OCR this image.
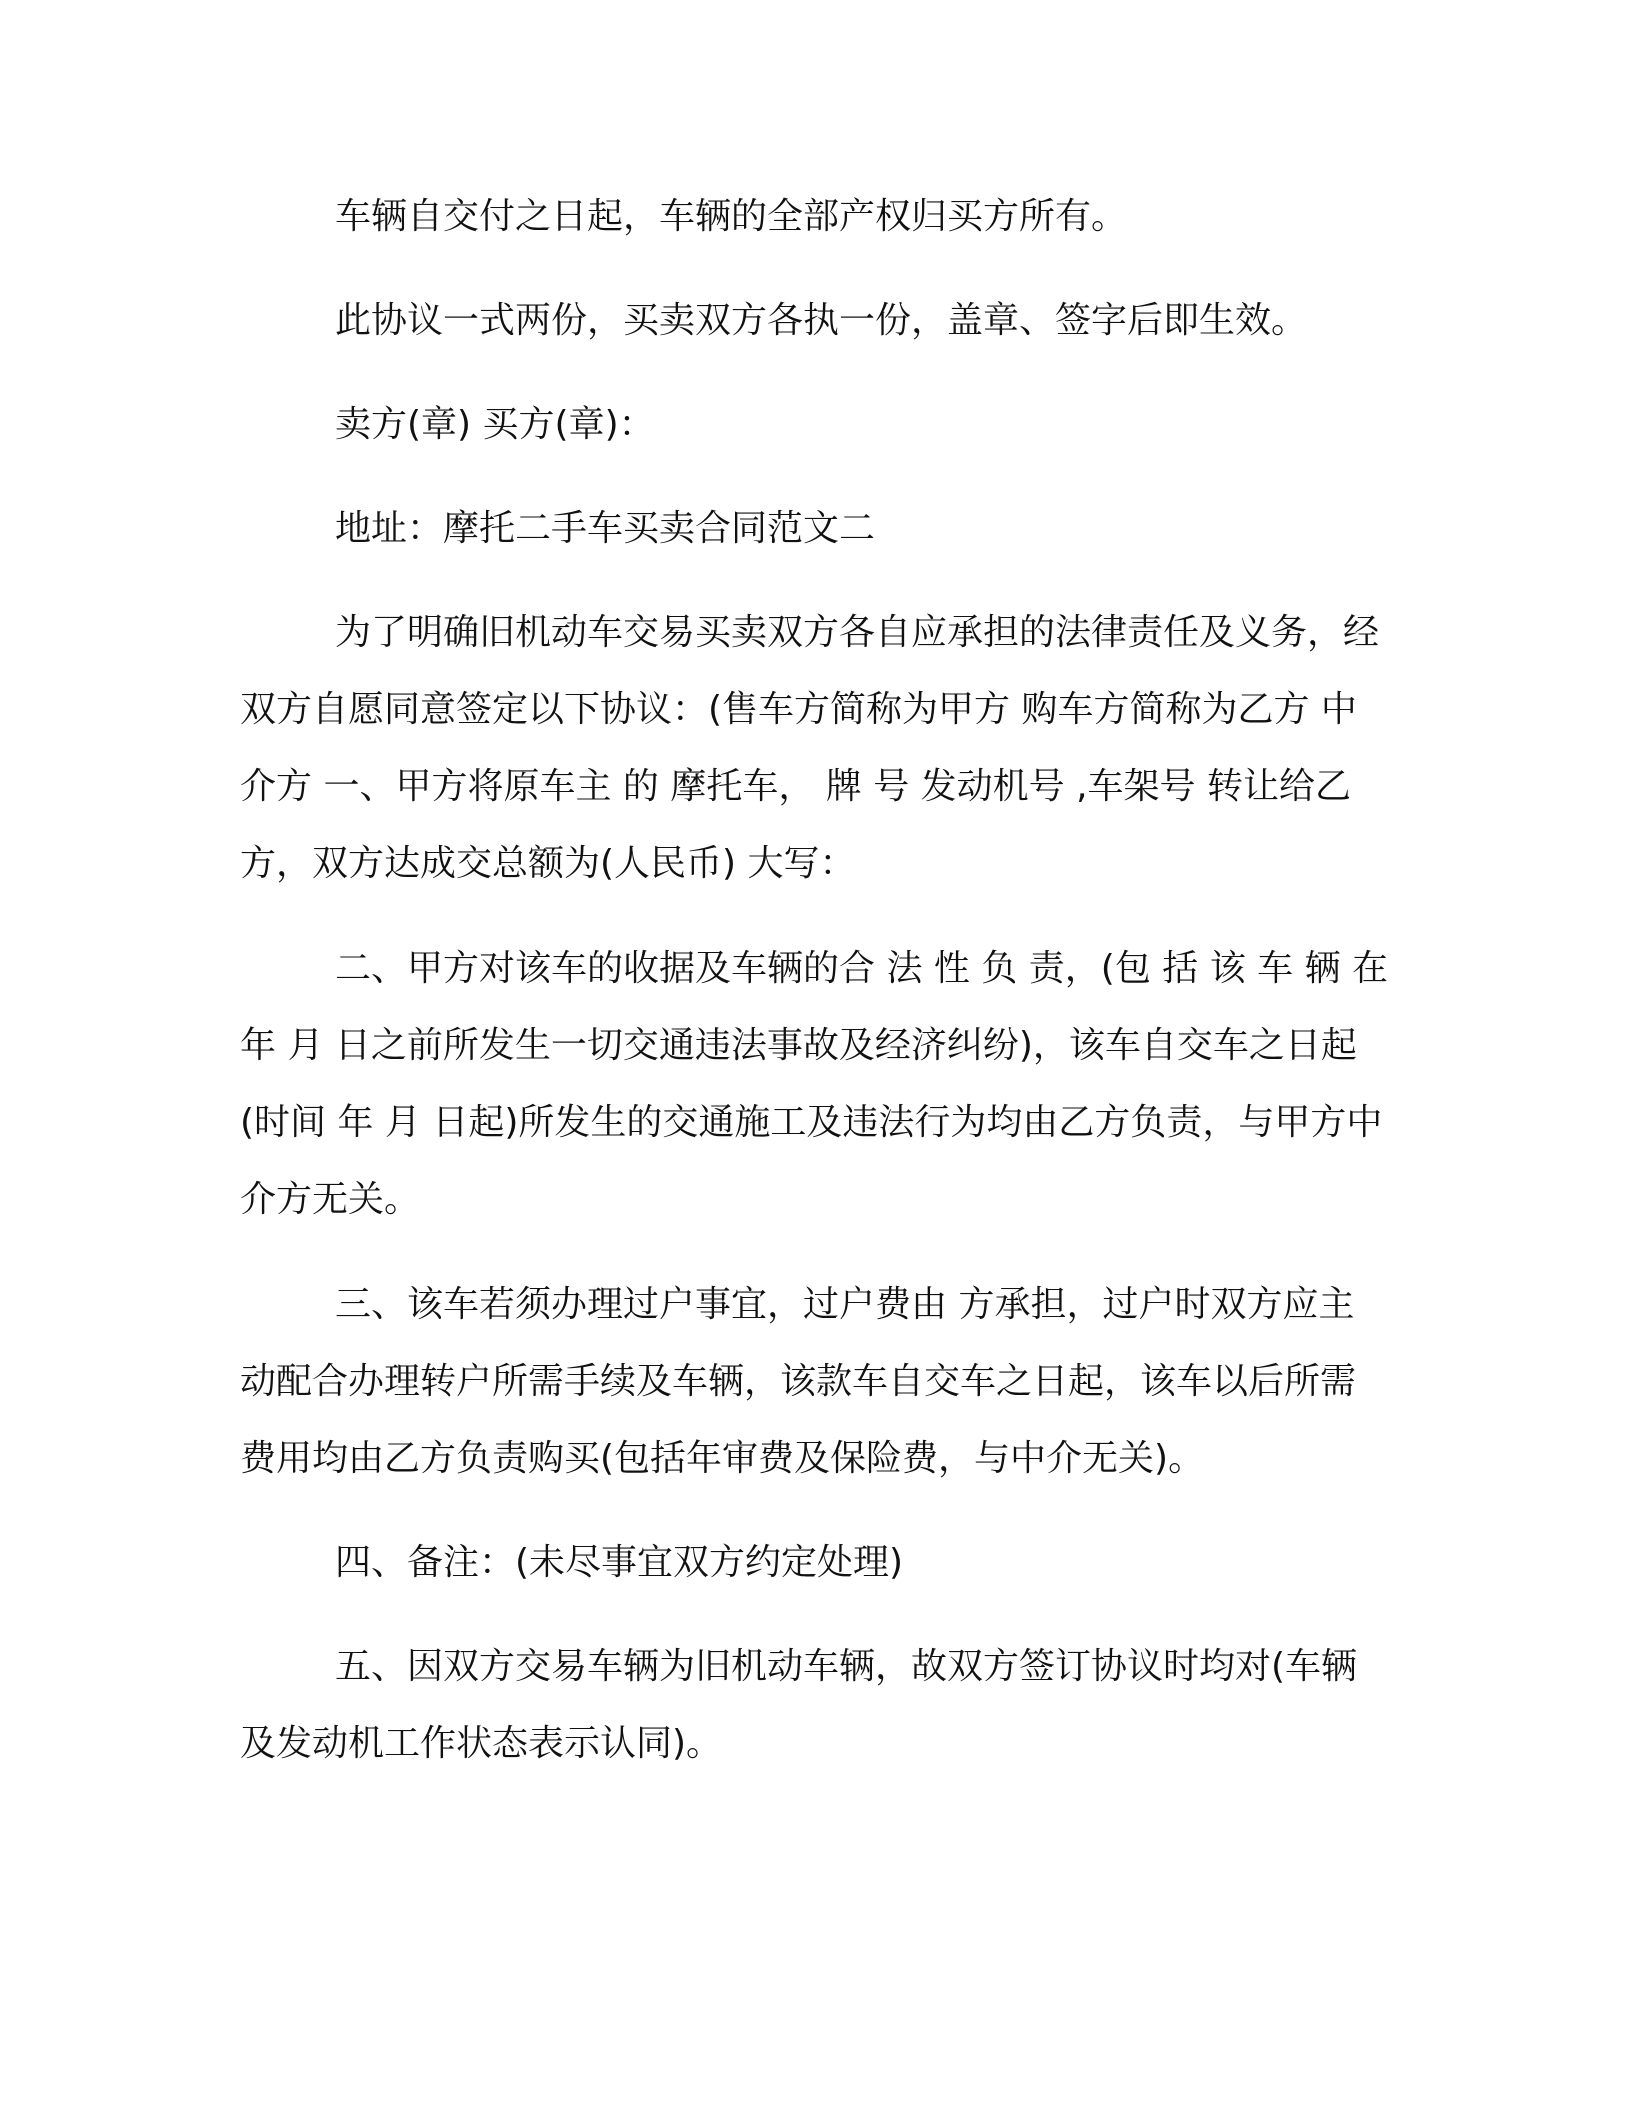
车辆自交付之日起，车辆的全部产权归买方所有。

此协议一式两份，买卖双方各执一份，盖章、签字后即生效。

卖方(章) 买方(章)：

地址：摩托二手车买卖合同范文二

为了明确旧机动车交易买卖双方各自应承担的法律责任及义务，经双方自愿同意签定以下协议：(售车方简称为甲方 购车方简称为乙方 中介方 一、甲方将原车主 的 摩托车， 牌 号 发动机号 ,车架号 转让给乙方，双方达成交总额为(人民币) 大写：

二、甲方对该车的收据及车辆的合 法 性 负 责，(包 括 该 车 辆 在 年 月 日之前所发生一切交通违法事故及经济纠纷)，该车自交车之日起(时间 年 月 日起)所发生的交通施工及违法行为均由乙方负责，与甲方中介方无关。

三、该车若须办理过户事宜，过户费由 方承担，过户时双方应主动配合办理转户所需手续及车辆，该款车自交车之日起，该车以后所需费用均由乙方负责购买(包括年审费及保险费，与中介无关)。

四、备注：(未尽事宜双方约定处理)

五、因双方交易车辆为旧机动车辆，故双方签订协议时均对(车辆及发动机工作状态表示认同)。
